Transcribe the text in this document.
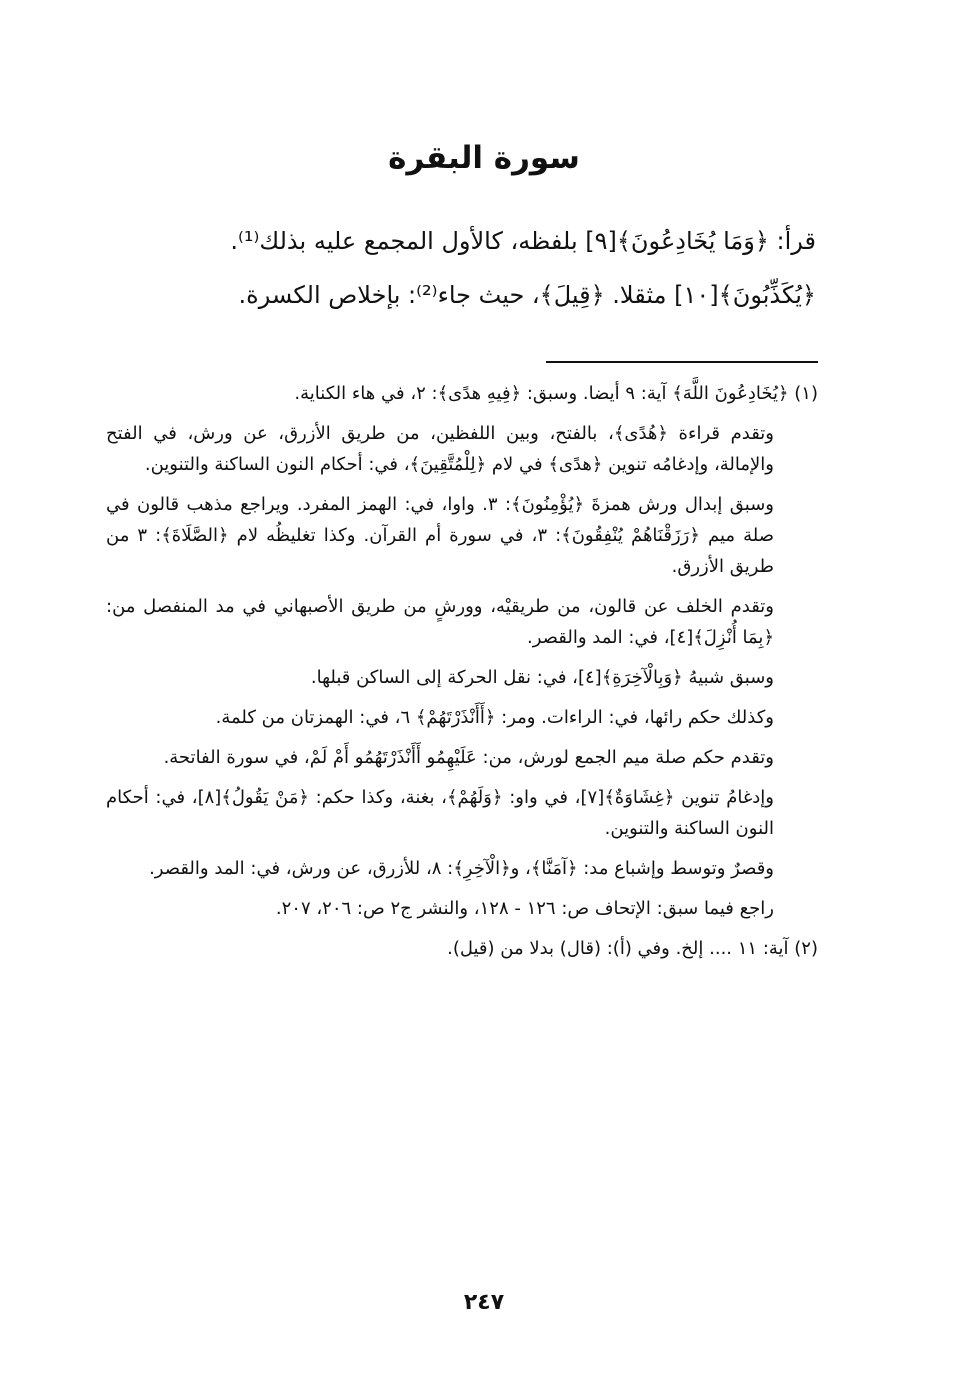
سورة البقرة
قرأ: ﴿وَمَا يُخَادِعُونَ﴾[٩] بلفظه، كالأول المجمع عليه بذلك⁽¹⁾.
﴿يُكَذِّبُونَ﴾[١٠] مثقلا. ﴿قِيلَ﴾، حيث جاء⁽²⁾: بإخلاص الكسرة.

(١) ﴿يُخَادِعُونَ اللَّهَ﴾ آية: ٩ أيضا. وسبق: ﴿فِيهِ هدًى﴾: ٢، في هاء الكناية.

وتقدم قراءة ﴿هُدًى﴾، بالفتح، وبين اللفظين، من طريق الأزرق، عن ورش، في الفتح والإمالة، وإدغامُه تنوين ﴿هدًى﴾ في لام ﴿لِلْمُتَّقِينَ﴾، في: أحكام النون الساكنة والتنوين.

وسبق إبدال ورش همزةَ ﴿يُؤْمِنُونَ﴾: ٣. واوا، في: الهمز المفرد. ويراجع مذهب قالون في صلة ميم ﴿رَزَقْنَاهُمْ يُنْفِقُونَ﴾: ٣، في سورة أم القرآن. وكذا تغليظُه لام ﴿الصَّلَاةَ﴾: ٣ من طريق الأزرق.

وتقدم الخلف عن قالون، من طريقيْه، وورشٍ من طريق الأصبهاني في مد المنفصل من: ﴿بِمَا أُنْزِلَ﴾[٤]، في: المد والقصر.

وسبق شبيهُ ﴿وَبِالْآخِرَةِ﴾[٤]، في: نقل الحركة إلى الساكن قبلها.

وكذلك حكم رائها، في: الراءات. ومر: ﴿أَأَنْذَرْتَهُمْ﴾ ٦، في: الهمزتان من كلمة.

وتقدم حكم صلة ميم الجمع لورش، من: عَلَيْهِمُو أَأَنْذَرْتَهُمُو أَمْ لَمْ، في سورة الفاتحة.

وإدغامُ تنوين ﴿غِشَاوَةٌ﴾[٧]، في واو: ﴿وَلَهُمْ﴾، بغنة، وكذا حكم: ﴿مَنْ يَقُولُ﴾[٨]، في: أحكام النون الساكنة والتنوين.

وقصرٌ وتوسط وإشباع مد: ﴿آمَنَّا﴾، و﴿الْآخِرِ﴾: ٨، للأزرق، عن ورش، في: المد والقصر.

راجع فيما سبق: الإتحاف ص: ١٢٦ - ١٢٨، والنشر ج٢ ص: ٢٠٦، ٢٠٧.

(٢) آية: ١١ .... إلخ. وفي (أ): (قال) بدلا من (قيل).

٢٤٧
